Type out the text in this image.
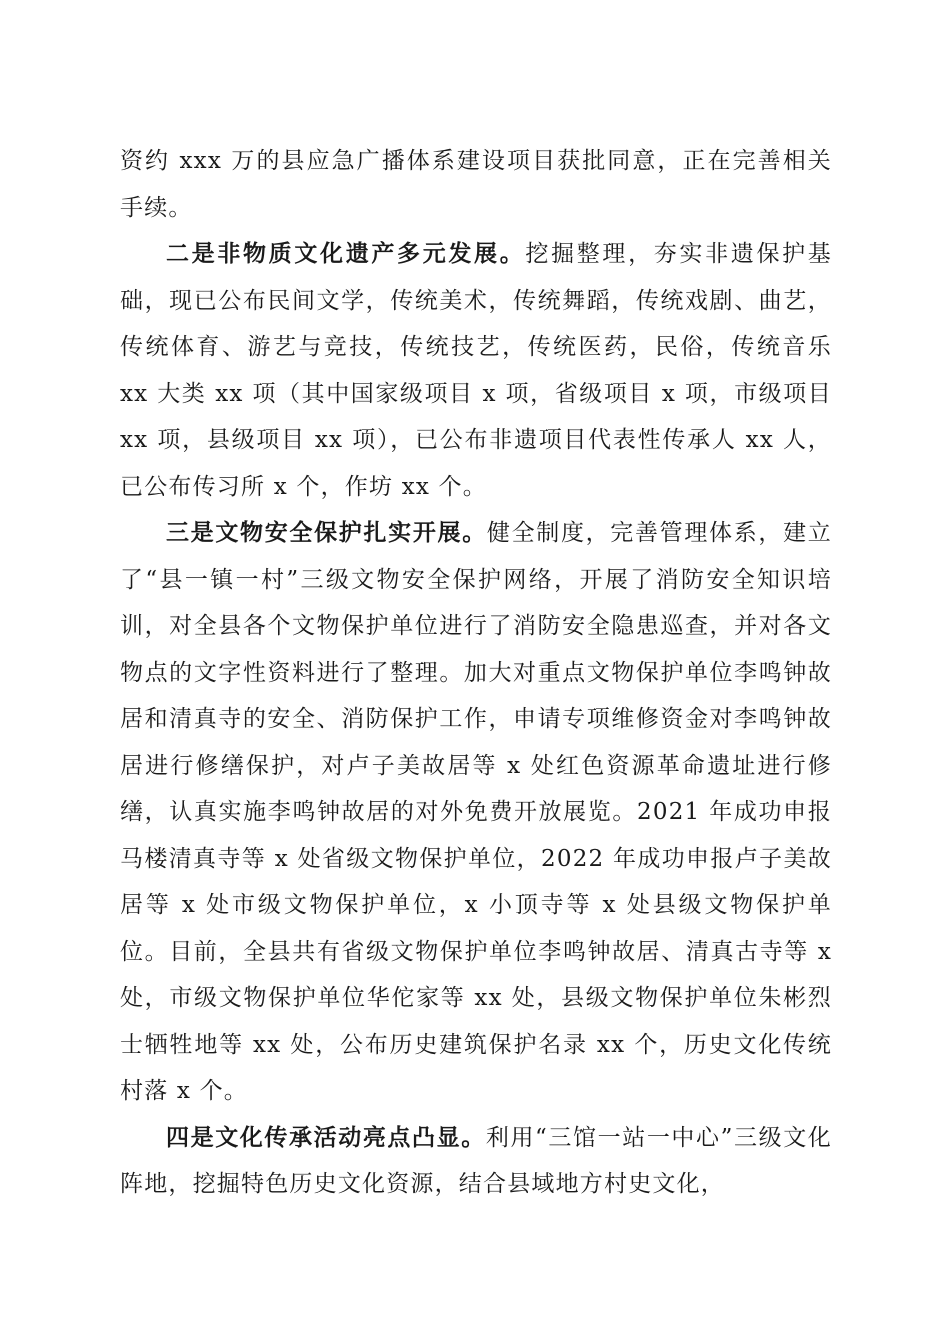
资约 xxx 万的县应急广播体系建设项目获批同意，正在完善相关手续。

二是非物质文化遗产多元发展。挖掘整理，夯实非遗保护基础，现已公布民间文学，传统美术，传统舞蹈，传统戏剧、曲艺，传统体育、游艺与竞技，传统技艺，传统医药，民俗，传统音乐 xx 大类 xx 项（其中国家级项目 x 项，省级项目 x 项，市级项目 xx 项，县级项目 xx 项），已公布非遗项目代表性传承人 xx 人，已公布传习所 x 个，作坊 xx 个。

三是文物安全保护扎实开展。健全制度，完善管理体系，建立了“县一镇一村”三级文物安全保护网络，开展了消防安全知识培训，对全县各个文物保护单位进行了消防安全隐患巡查，并对各文物点的文字性资料进行了整理。加大对重点文物保护单位李鸣钟故居和清真寺的安全、消防保护工作，申请专项维修资金对李鸣钟故居进行修缮保护，对卢子美故居等 x 处红色资源革命遗址进行修缮，认真实施李鸣钟故居的对外免费开放展览。2021 年成功申报马楼清真寺等 x 处省级文物保护单位，2022 年成功申报卢子美故居等 x 处市级文物保护单位，x 小顶寺等 x 处县级文物保护单位。目前，全县共有省级文物保护单位李鸣钟故居、清真古寺等 x 处，市级文物保护单位华佗家等 xx 处，县级文物保护单位朱彬烈士牺牲地等 xx 处，公布历史建筑保护名录 xx 个，历史文化传统村落 x 个。

四是文化传承活动亮点凸显。利用“三馆一站一中心”三级文化阵地，挖掘特色历史文化资源，结合县域地方村史文化，
